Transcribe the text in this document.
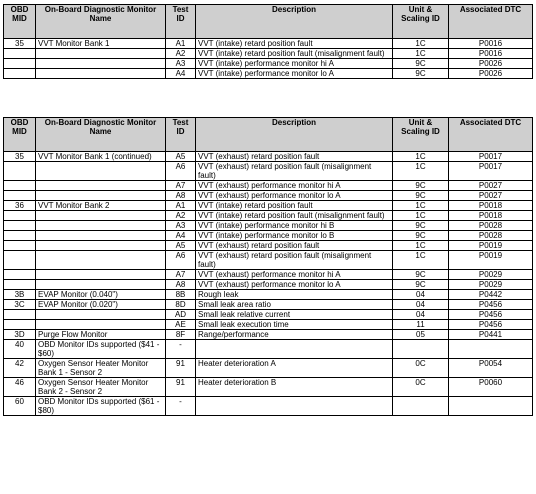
OBD MID	On-Board Diagnostic Monitor Name	Test ID	Description	Unit & Scaling ID	Associated DTC
35	VVT Monitor Bank 1	A1	VVT (intake) retard position fault	1C	P0016
		A2	VVT (intake) retard position fault (misalignment fault)	1C	P0016
		A3	VVT (intake) performance monitor hi A	9C	P0026
		A4	VVT (intake) performance monitor lo A	9C	P0026
OBD MID	On-Board Diagnostic Monitor Name	Test ID	Description	Unit & Scaling ID	Associated DTC
35	VVT Monitor Bank 1 (continued)	A5	VVT (exhaust) retard position fault	1C	P0017
		A6	VVT (exhaust) retard position fault (misalignment fault)	1C	P0017
		A7	VVT (exhaust) performance monitor hi A	9C	P0027
		A8	VVT (exhaust) performance monitor lo A	9C	P0027
36	VVT Monitor Bank 2	A1	VVT (intake) retard position fault	1C	P0018
		A2	VVT (intake) retard position fault (misalignment fault)	1C	P0018
		A3	VVT (intake) performance monitor hi B	9C	P0028
		A4	VVT (intake) performance monitor lo B	9C	P0028
		A5	VVT (exhaust) retard position fault	1C	P0019
		A6	VVT (exhaust) retard position fault (misalignment fault)	1C	P0019
		A7	VVT (exhaust) performance monitor hi A	9C	P0029
		A8	VVT (exhaust) performance monitor lo A	9C	P0029
3B	EVAP Monitor (0.040")	8B	Rough leak	04	P0442
3C	EVAP Monitor (0.020")	8D	Small leak area ratio	04	P0456
		AD	Small leak relative current	04	P0456
		AE	Small leak execution time	11	P0456
3D	Purge Flow Monitor	8F	Range/performance	05	P0441
40	OBD Monitor IDs supported ($41 - $60)	-			
42	Oxygen Sensor Heater Monitor Bank 1 - Sensor 2	91	Heater deterioration A	0C	P0054
46	Oxygen Sensor Heater Monitor Bank 2 - Sensor 2	91	Heater deterioration B	0C	P0060
60	OBD Monitor IDs supported ($61 - $80)	-			
